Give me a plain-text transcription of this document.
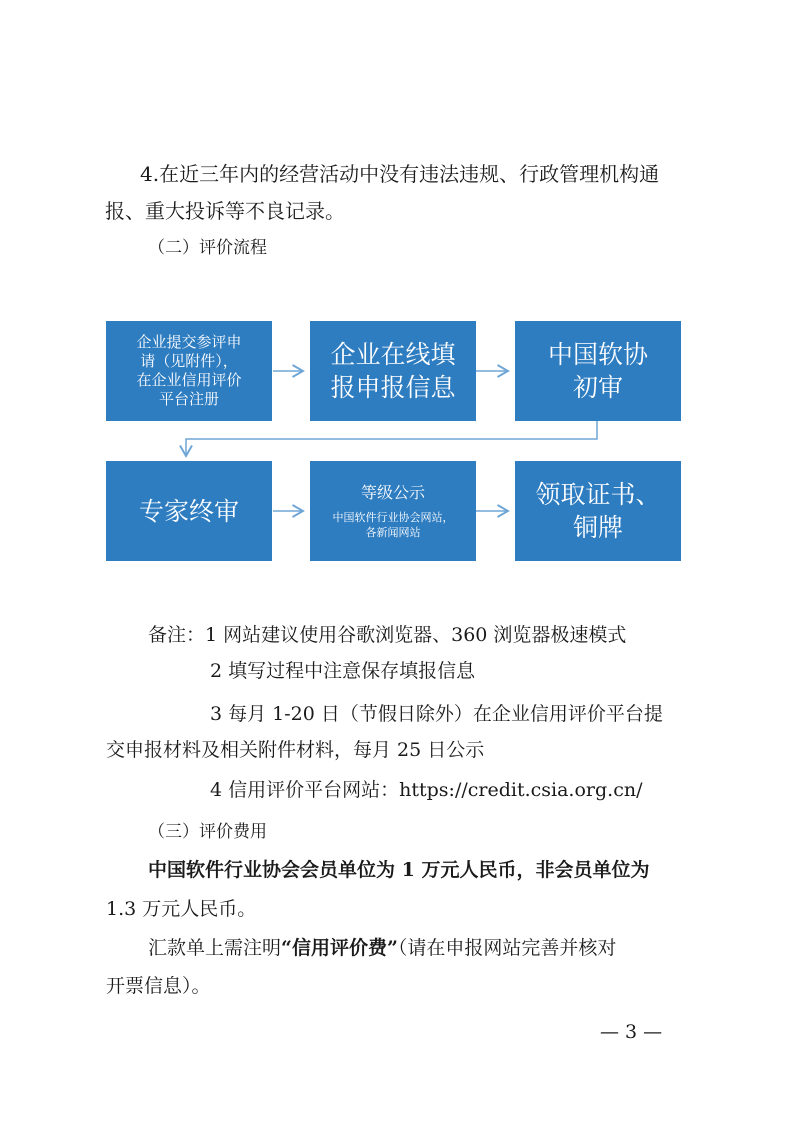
4.在近三年内的经营活动中没有违法违规、行政管理机构通
报、重大投诉等不良记录。
（二）评价流程
企业提交参评申
请（见附件），
在企业信用评价
平台注册
企业在线填
报申报信息
中国软协
初审
专家终审
等级公示
中国软件行业协会网站，
各新闻网站
领取证书、
铜牌
备注：1 网站建议使用谷歌浏览器、360 浏览器极速模式
2 填写过程中注意保存填报信息
3 每月 1-20 日（节假日除外）在企业信用评价平台提
交申报材料及相关附件材料，每月 25 日公示
4 信用评价平台网站：https://credit.csia.org.cn/
（三）评价费用
中国软件行业协会会员单位为 1 万元人民币，非会员单位为
1.3 万元人民币。
汇款单上需注明“信用评价费”（请在申报网站完善并核对
开票信息）。
— 3 —
